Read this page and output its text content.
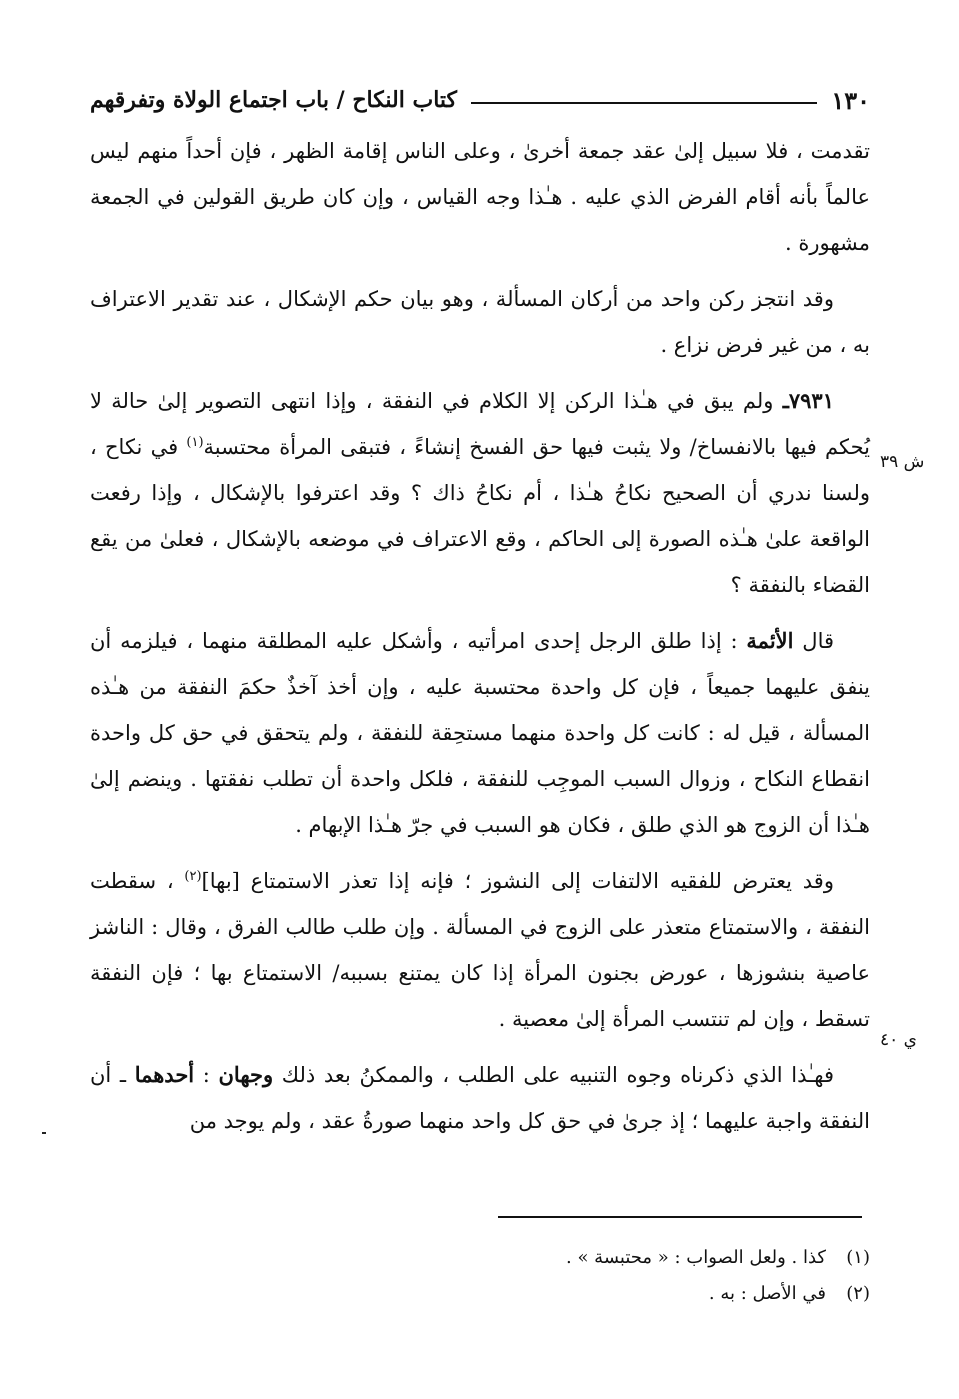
١٣٠
كتاب النكاح / باب اجتماع الولاة وتفرقهم

تقدمت ، فلا سبيل إلىٰ عقد جمعة أخرىٰ ، وعلى الناس إقامة الظهر ، فإن أحداً منهم ليس عالماً بأنه أقام الفرض الذي عليه . هـٰذا وجه القياس ، وإن كان طريق القولين في الجمعة مشهورة .

وقد انتجز ركن واحد من أركان المسألة ، وهو بيان حكم الإشكال ، عند تقدير الاعتراف به ، من غير فرض نزاع .

٧٩٣١ـ ولم يبق في هـٰذا الركن إلا الكلام في النفقة ، وإذا انتهى التصوير إلىٰ حالة لا يُحكم فيها بالانفساخ/ ولا يثبت فيها حق الفسخ إنشاءً ، فتبقى المرأة محتسبة$^{(١)}$ في نكاح ، ولسنا ندري أن الصحيح نكاحُ هـٰذا ، أم نكاحُ ذاك ؟ وقد اعترفوا بالإشكال ، وإذا رفعت الواقعة علىٰ هـٰذه الصورة إلى الحاكم ، وقع الاعتراف في موضعه بالإشكال ، فعلىٰ من يقع القضاء بالنفقة ؟

قال الأئمة : إذا طلق الرجل إحدى امرأتيه ، وأشكل عليه المطلقة منهما ، فيلزمه أن ينفق عليهما جميعاً ، فإن كل واحدة محتسبة عليه ، وإن أخذ آخذٌ حكمَ النفقة من هـٰذه المسألة ، قيل له : كانت كل واحدة منهما مستحِقة للنفقة ، ولم يتحقق في حق كل واحدة انقطاع النكاح ، وزوال السبب الموجِب للنفقة ، فلكل واحدة أن تطلب نفقتها . وينضم إلىٰ هـٰذا أن الزوج هو الذي طلق ، فكان هو السبب في جرّ هـٰذا الإبهام .

وقد يعترض للفقيه الالتفات إلى النشوز ؛ فإنه إذا تعذر الاستمتاع [بها]$^{(٢)}$ ، سقطت النفقة ، والاستمتاع متعذر على الزوج في المسألة . وإن طلب طالب الفرق ، وقال : الناشز عاصية بنشوزها ، عورض بجنون المرأة إذا كان يمتنع بسببه/ الاستمتاع بها ؛ فإن النفقة تسقط ، وإن لم تنتسب المرأة إلىٰ معصية .

فهـٰذا الذي ذكرناه وجوه التنبيه على الطلب ، والممكنُ بعد ذلك وجهان : أحدهما ـ أن النفقة واجبة عليهما ؛ إذ جرىٰ في حق كل واحد منهما صورةُ عقد ، ولم يوجد من

ش ٣٩
ي ٤٠

(١)كذا . ولعل الصواب : « محتبسة » .

(٢)في الأصل : به .
